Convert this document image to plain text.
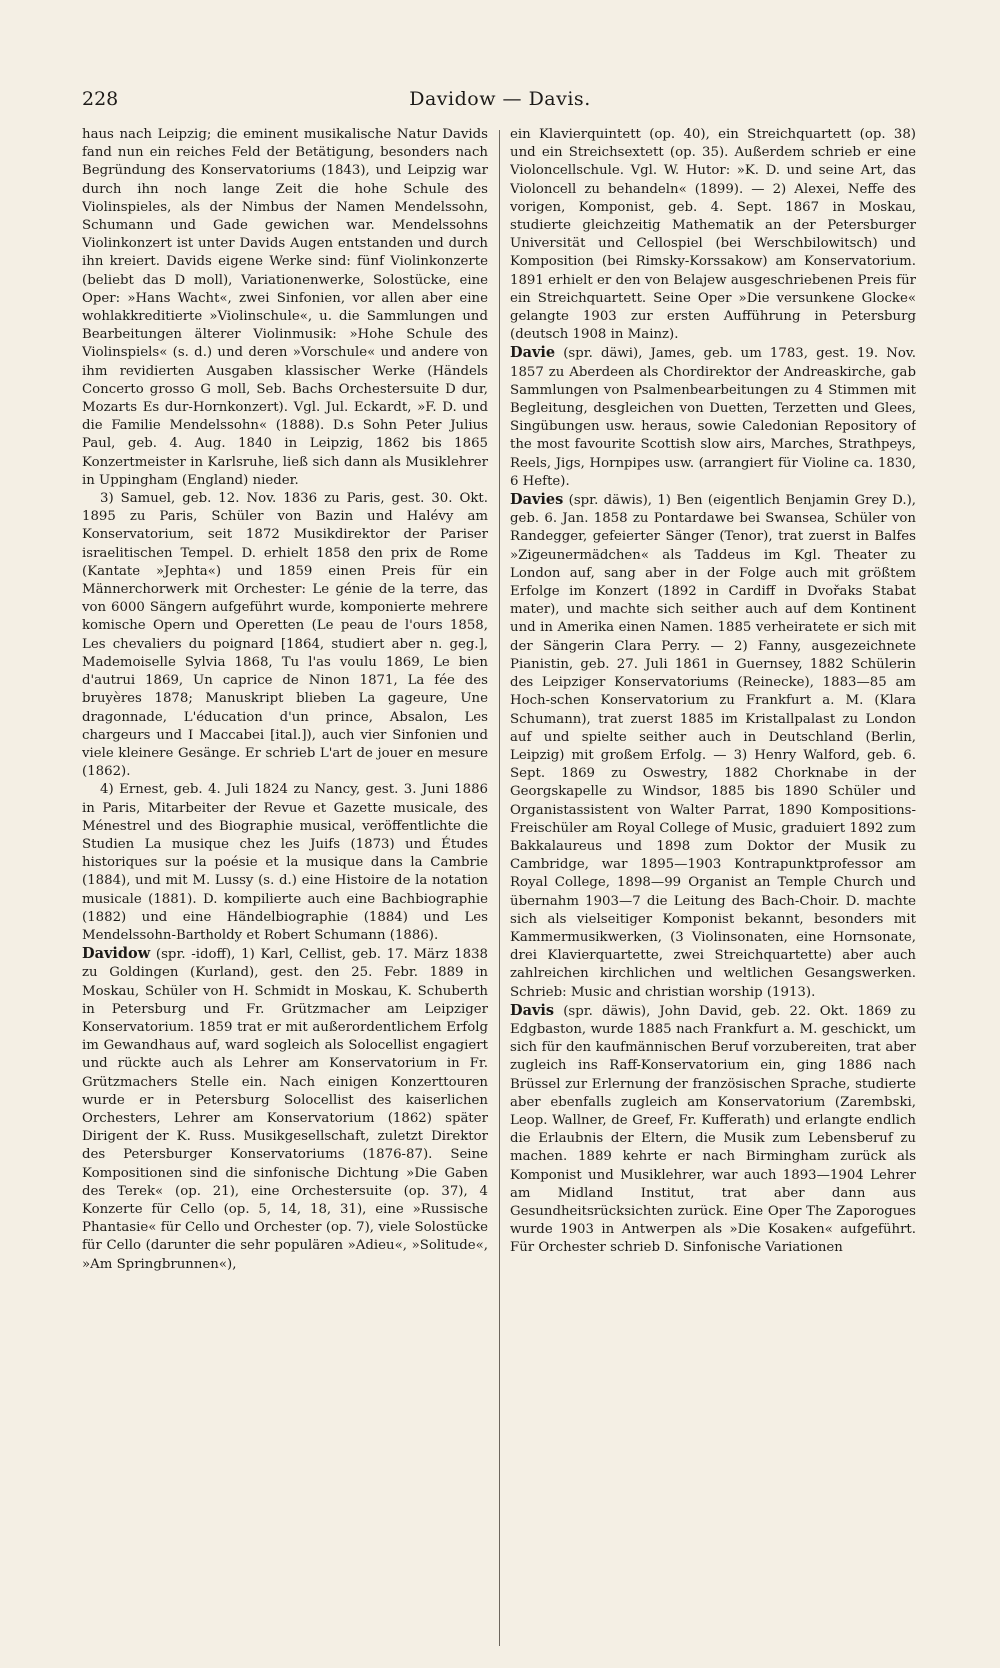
228	Davidow — Davis.

haus nach Leipzig; die eminent musikalische Natur Davids fand nun ein reiches Feld der Betätigung, besonders nach Begründung des Konservatoriums (1843), und Leipzig war durch ihn noch lange Zeit die hohe Schule des Violinspieles, als der Nimbus der Namen Mendelssohn, Schumann und Gade gewichen war. Mendelssohns Violinkonzert ist unter Davids Augen entstanden und durch ihn kreiert. Davids eigene Werke sind: fünf Violinkonzerte (beliebt das D moll), Variationenwerke, Solostücke, eine Oper: »Hans Wacht«, zwei Sinfonien, vor allen aber eine wohlakkreditierte »Violinschule«, u. die Sammlungen und Bearbeitungen älterer Violinmusik: »Hohe Schule des Violinspiels« (s. d.) und deren »Vorschule« und andere von ihm revidierten Ausgaben klassischer Werke (Händels Concerto grosso G moll, Seb. Bachs Orchestersuite D dur, Mozarts Es dur-Hornkonzert). Vgl. Jul. Eckardt, »F. D. und die Familie Mendelssohn« (1888). D.s Sohn Peter Julius Paul, geb. 4. Aug. 1840 in Leipzig, 1862 bis 1865 Konzertmeister in Karlsruhe, ließ sich dann als Musiklehrer in Uppingham (England) nieder.

3) Samuel, geb. 12. Nov. 1836 zu Paris, gest. 30. Okt. 1895 zu Paris, Schüler von Bazin und Halévy am Konservatorium, seit 1872 Musikdirektor der Pariser israelitischen Tempel. D. erhielt 1858 den prix de Rome (Kantate »Jephta«) und 1859 einen Preis für ein Männerchorwerk mit Orchester: Le génie de la terre, das von 6000 Sängern aufgeführt wurde, komponierte mehrere komische Opern und Operetten (Le peau de l'ours 1858, Les chevaliers du poignard [1864, studiert aber n. geg.], Mademoiselle Sylvia 1868, Tu l'as voulu 1869, Le bien d'autrui 1869, Un caprice de Ninon 1871, La fée des bruyères 1878; Manuskript blieben La gageure, Une dragonnade, L'éducation d'un prince, Absalon, Les chargeurs und I Maccabei [ital.]), auch vier Sinfonien und viele kleinere Gesänge. Er schrieb L'art de jouer en mesure (1862).

4) Ernest, geb. 4. Juli 1824 zu Nancy, gest. 3. Juni 1886 in Paris, Mitarbeiter der Revue et Gazette musicale, des Ménestrel und des Biographie musical, veröffentlichte die Studien La musique chez les Juifs (1873) und Études historiques sur la poésie et la musique dans la Cambrie (1884), und mit M. Lussy (s. d.) eine Histoire de la notation musicale (1881). D. kompilierte auch eine Bachbiographie (1882) und eine Händelbiographie (1884) und Les Mendelssohn-Bartholdy et Robert Schumann (1886).

Davidow (spr. -idoff), 1) Karl, Cellist, geb. 17. März 1838 zu Goldingen (Kurland), gest. den 25. Febr. 1889 in Moskau, Schüler von H. Schmidt in Moskau, K. Schuberth in Petersburg und Fr. Grützmacher am Leipziger Konservatorium. 1859 trat er mit außerordentlichem Erfolg im Gewandhaus auf, ward sogleich als Solocellist engagiert und rückte auch als Lehrer am Konservatorium in Fr. Grützmachers Stelle ein. Nach einigen Konzerttouren wurde er in Petersburg Solocellist des kaiserlichen Orchesters, Lehrer am Konservatorium (1862) später Dirigent der K. Russ. Musikgesellschaft, zuletzt Direktor des Petersburger Konservatoriums (1876-87). Seine Kompositionen sind die sinfonische Dichtung »Die Gaben des Terek« (op. 21), eine Orchestersuite (op. 37), 4 Konzerte für Cello (op. 5, 14, 18, 31), eine »Russische Phantasie« für Cello und Orchester (op. 7), viele Solostücke für Cello (darunter die sehr populären »Adieu«, »Solitude«, »Am Springbrunnen«),

ein Klavierquintett (op. 40), ein Streichquartett (op. 38) und ein Streichsextett (op. 35). Außerdem schrieb er eine Violoncellschule. Vgl. W. Hutor: »K. D. und seine Art, das Violoncell zu behandeln« (1899). — 2) Alexei, Neffe des vorigen, Komponist, geb. 4. Sept. 1867 in Moskau, studierte gleichzeitig Mathematik an der Petersburger Universität und Cellospiel (bei Werschbilowitsch) und Komposition (bei Rimsky-Korssakow) am Konservatorium. 1891 erhielt er den von Belajew ausgeschriebenen Preis für ein Streichquartett. Seine Oper »Die versunkene Glocke« gelangte 1903 zur ersten Aufführung in Petersburg (deutsch 1908 in Mainz).

Davie (spr. däwi), James, geb. um 1783, gest. 19. Nov. 1857 zu Aberdeen als Chordirektor der Andreaskirche, gab Sammlungen von Psalmenbearbeitungen zu 4 Stimmen mit Begleitung, desgleichen von Duetten, Terzetten und Glees, Singübungen usw. heraus, sowie Caledonian Repository of the most favourite Scottish slow airs, Marches, Strathpeys, Reels, Jigs, Hornpipes usw. (arrangiert für Violine ca. 1830, 6 Hefte).

Davies (spr. däwis), 1) Ben (eigentlich Benjamin Grey D.), geb. 6. Jan. 1858 zu Pontardawe bei Swansea, Schüler von Randegger, gefeierter Sänger (Tenor), trat zuerst in Balfes »Zigeunermädchen« als Taddeus im Kgl. Theater zu London auf, sang aber in der Folge auch mit größtem Erfolge im Konzert (1892 in Cardiff in Dvořaks Stabat mater), und machte sich seither auch auf dem Kontinent und in Amerika einen Namen. 1885 verheiratete er sich mit der Sängerin Clara Perry. — 2) Fanny, ausgezeichnete Pianistin, geb. 27. Juli 1861 in Guernsey, 1882 Schülerin des Leipziger Konservatoriums (Reinecke), 1883—85 am Hoch-schen Konservatorium zu Frankfurt a. M. (Klara Schumann), trat zuerst 1885 im Kristallpalast zu London auf und spielte seither auch in Deutschland (Berlin, Leipzig) mit großem Erfolg. — 3) Henry Walford, geb. 6. Sept. 1869 zu Oswestry, 1882 Chorknabe in der Georgskapelle zu Windsor, 1885 bis 1890 Schüler und Organistassistent von Walter Parrat, 1890 Kompositions-Freischüler am Royal College of Music, graduiert 1892 zum Bakkalaureus und 1898 zum Doktor der Musik zu Cambridge, war 1895—1903 Kontrapunktprofessor am Royal College, 1898—99 Organist an Temple Church und übernahm 1903—7 die Leitung des Bach-Choir. D. machte sich als vielseitiger Komponist bekannt, besonders mit Kammermusikwerken, (3 Violinsonaten, eine Hornsonate, drei Klavierquartette, zwei Streichquartette) aber auch zahlreichen kirchlichen und weltlichen Gesangswerken. Schrieb: Music and christian worship (1913).

Davis (spr. däwis), John David, geb. 22. Okt. 1869 zu Edgbaston, wurde 1885 nach Frankfurt a. M. geschickt, um sich für den kaufmännischen Beruf vorzubereiten, trat aber zugleich ins Raff-Konservatorium ein, ging 1886 nach Brüssel zur Erlernung der französischen Sprache, studierte aber ebenfalls zugleich am Konservatorium (Zarembski, Leop. Wallner, de Greef, Fr. Kufferath) und erlangte endlich die Erlaubnis der Eltern, die Musik zum Lebensberuf zu machen. 1889 kehrte er nach Birmingham zurück als Komponist und Musiklehrer, war auch 1893—1904 Lehrer am Midland Institut, trat aber dann aus Gesundheitsrücksichten zurück. Eine Oper The Zaporogues wurde 1903 in Antwerpen als »Die Kosaken« aufgeführt. Für Orchester schrieb D. Sinfonische Variationen
